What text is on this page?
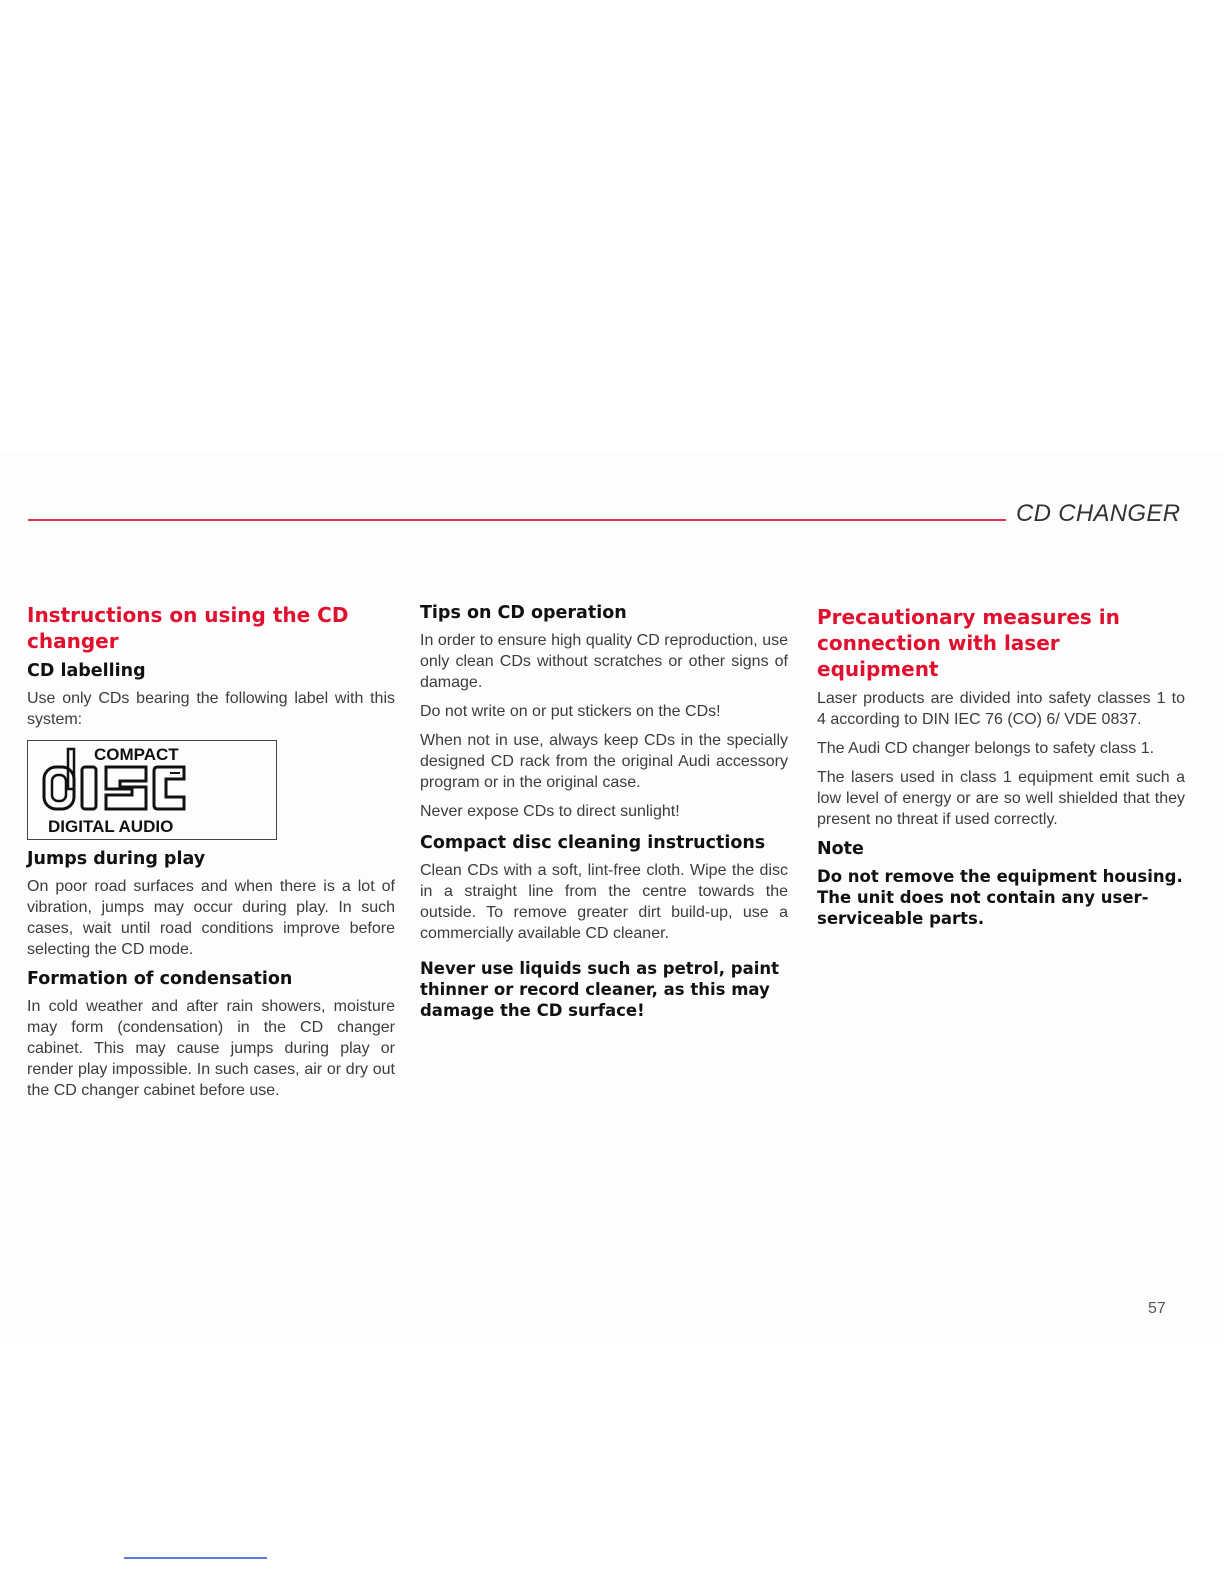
CD CHANGER
Instructions on using the CD changer
CD labelling

Use only CDs bearing the following label with this system:

COMPACT
DIGITAL AUDIO
Jumps during play

On poor road surfaces and when there is a lot of vibration, jumps may occur during play. In such cases, wait until road conditions improve before selecting the CD mode.

Formation of condensation

In cold weather and after rain showers, moisture may form (condensation) in the CD changer cabinet. This may cause jumps during play or render play impossible. In such cases, air or dry out the CD changer cabinet before use.

Tips on CD operation

In order to ensure high quality CD reproduction, use only clean CDs without scratches or other signs of damage.

Do not write on or put stickers on the CDs!

When not in use, always keep CDs in the specially designed CD rack from the original Audi accessory program or in the original case.

Never expose CDs to direct sunlight!

Compact disc cleaning instructions

Clean CDs with a soft, lint-free cloth. Wipe the disc in a straight line from the centre towards the outside. To remove greater dirt build-up, use a commercially available CD cleaner.

Never use liquids such as petrol, paint thinner or record cleaner, as this may damage the CD surface!

Precautionary measures in connection with laser equipment

Laser products are divided into safety classes 1 to 4 according to DIN IEC 76 (CO) 6/ VDE 0837.

The Audi CD changer belongs to safety class 1.

The lasers used in class 1 equipment emit such a low level of energy or are so well shielded that they present no threat if used correctly.

Note

Do not remove the equipment housing. The unit does not contain any user-serviceable parts.

57
